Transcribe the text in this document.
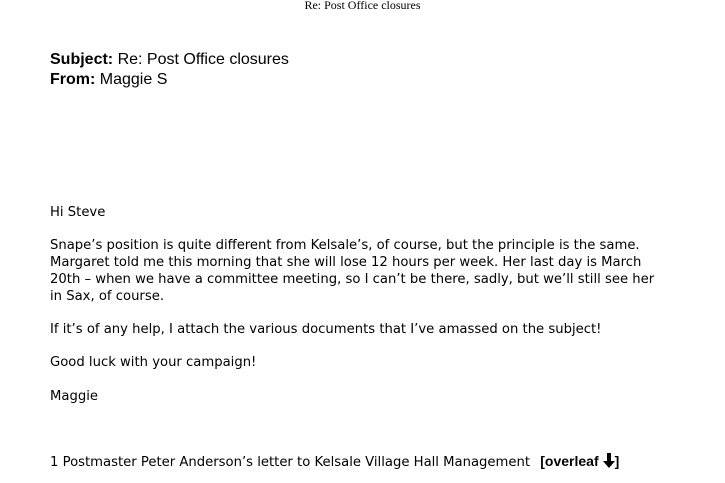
Re: Post Office closures
Subject: Re: Post Office closures
From: Maggie S

Hi Steve

Snape’s position is quite different from Kelsale’s, of course, but the principle is the same. Margaret told me this morning that she will lose 12 hours per week. Her last day is March 20th – when we have a committee meeting, so I can’t be there, sadly, but we’ll still see her in Sax, of course.

If it’s of any help, I attach the various documents that I’ve amassed on the subject!

Good luck with your campaign!

Maggie

1 Postmaster Peter Anderson’s letter to Kelsale Village Hall Management [overleaf ]
